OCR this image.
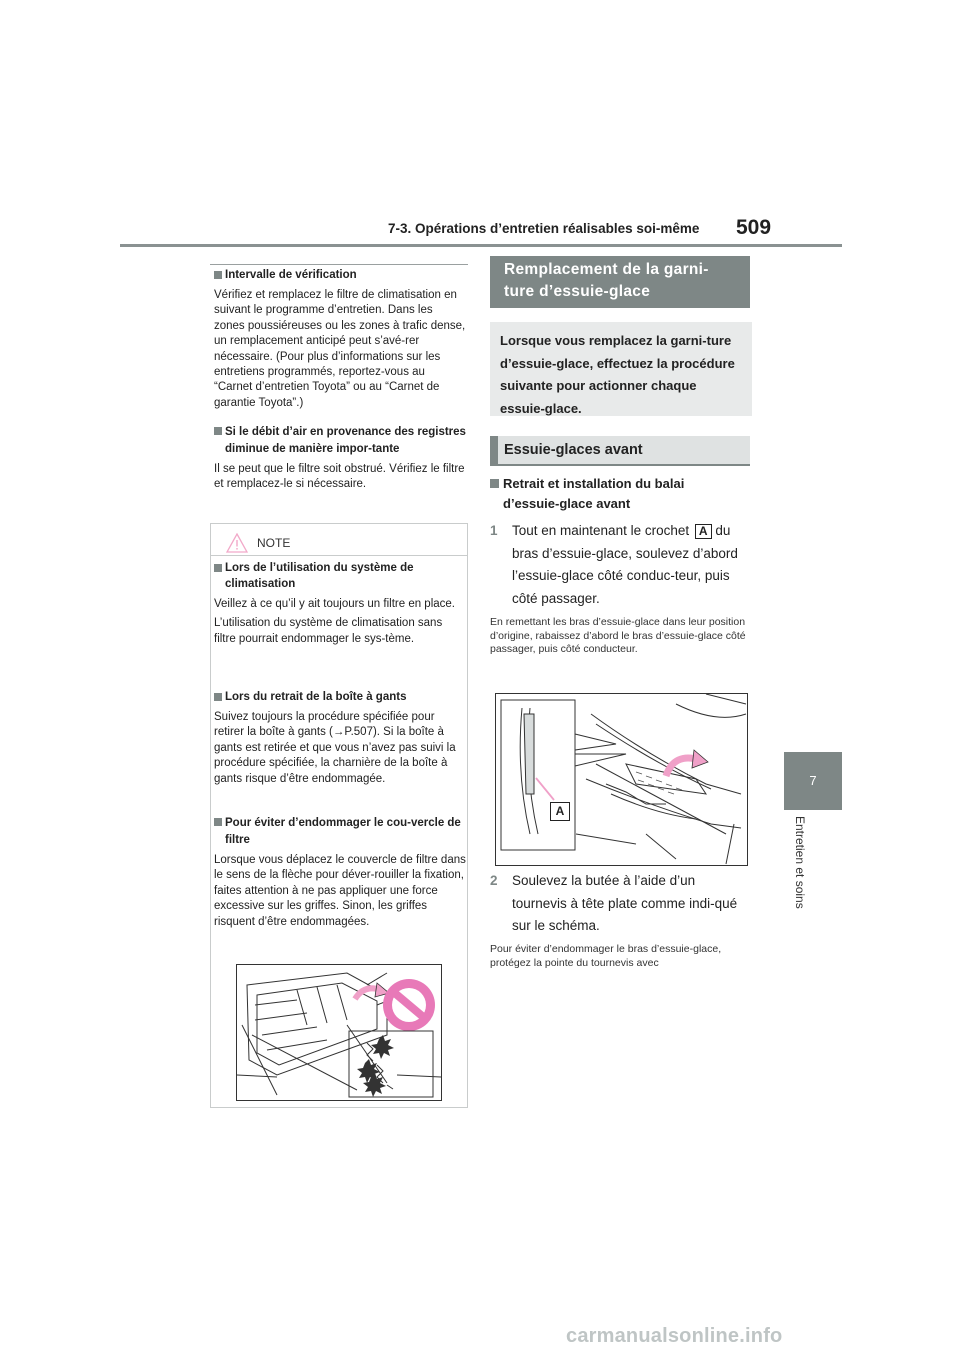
7-3. Opérations d’entretien réalisables soi-même 509
7
Entretien et soins
Intervalle de vérification
Vérifiez et remplacez le filtre de climatisation en suivant le programme d’entretien. Dans les zones poussiéreuses ou les zones à trafic dense, un remplacement anticipé peut s’avé-rer nécessaire. (Pour plus d’informations sur les entretiens programmés, reportez-vous au “Carnet d’entretien Toyota” ou au “Carnet de garantie Toyota”.)
Si le débit d’air en provenance des registres diminue de manière impor-tante
Il se peut que le filtre soit obstrué. Vérifiez le filtre et remplacez-le si nécessaire.
NOTE
Lors de l’utilisation du système de climatisation
Veillez à ce qu’il y ait toujours un filtre en place.
L’utilisation du système de climatisation sans filtre pourrait endommager le sys-tème.
Lors du retrait de la boîte à gants
Suivez toujours la procédure spécifiée pour retirer la boîte à gants (→P.507). Si la boîte à gants est retirée et que vous n’avez pas suivi la procédure spécifiée, la charnière de la boîte à gants risque d’être endommagée.
Pour éviter d’endommager le cou-vercle de filtre
Lorsque vous déplacez le couvercle de filtre dans le sens de la flèche pour déver-rouiller la fixation, faites attention à ne pas appliquer une force excessive sur les griffes. Sinon, les griffes risquent d’être endommagées.
Remplacement de la garni-ture d’essuie-glace
Lorsque vous remplacez la garni-ture d’essuie-glace, effectuez la procédure suivante pour actionner chaque essuie-glace.
Essuie-glaces avant
Retrait et installation du balai d’essuie-glace avant
1 Tout en maintenant le crochet A du bras d’essuie-glace, soulevez d’abord l’essuie-glace côté conduc-teur, puis côté passager.
En remettant les bras d’essuie-glace dans leur position d’origine, rabaissez d’abord le bras d’essuie-glace côté passager, puis côté conducteur.
A
2 Soulevez la butée à l’aide d’un tournevis à tête plate comme indi-qué sur le schéma.
Pour éviter d’endommager le bras d’essuie-glace, protégez la pointe du tournevis avec
carmanualsonline.info
